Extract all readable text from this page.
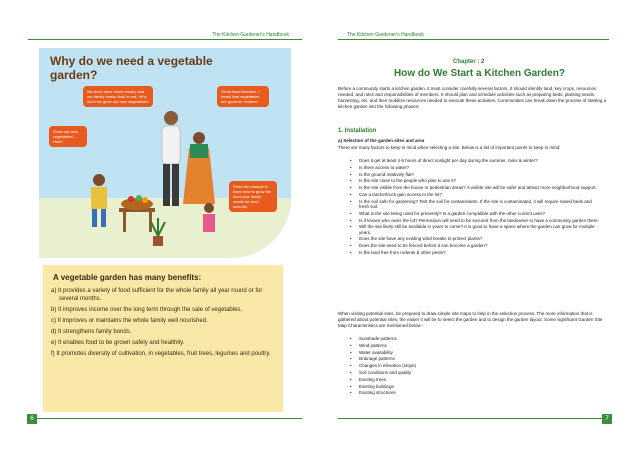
The Kitchen Gardener's Handbook
Why do we need a vegetable garden?
We don't have much money and our family needs food to eat. Why don't we grow our own vegetables!
Great idea! Besides, I heard that vegetables are good for children.
Grow our own vegetables!... How?
Read the manual to learn how to grow the food your family needs for food security.
A vegetable garden has many benefits:
a) It provides a variety of food sufficient for the whole family all year round or for several months.
b) It improves income over the long term through the sale of vegetables.
c) It improves or maintains the whole family well nourished.
d) It strengthens family bonds.
e) It enables food to be grown safely and healthily.
f) It promotes diversity of cultivation, in vegetables, fruit trees, legumes and poultry.
6
The Kitchen Gardener's Handbook
Chapter : 2
How do We Start a Kitchen Garden?

Before a community starts a kitchen garden, it must consider carefully several factors. It should identify land, key crops, resources needed, and roles and responsibilities of members. It should plan and schedule activities such as preparing beds, planting seeds, harvesting, etc. and then mobilize resources needed to execute these activities. Communities can break down the process of starting a kitchen garden into the following phases:

1. Installation
a) Selection of the garden sites and area

There are many factors to keep in mind when selecting a site. Below is a list of important points to keep in mind:

• Does it get at least 4-5 hours of direct sunlight per day during the summer, rains & winter?
• Is there access to water?
• Is the ground relatively flat?
• Is the site close to the people who plan to use it?
• Is the site visible from the house or pedestrian areas? A visible site will be safer and attract more neighborhood support.
• Can a tractor/truck gain access to the lot?
• Is the soil safe for gardening? Test the soil for contaminants. If the site is contaminated, it will require raised beds and fresh soil.
• What is the site being used for presently? Is a garden compatible with the other current uses?
• Is it known who owns the lot? Permission will need to be secured from the landowner to have a community garden there.
• Will the site likely still be available in years to come? It is good to have a space where the garden can grow for multiple years.
• Does the site have any existing wind breaks to protect plants?
• Does the site need to be fenced before it can become a garden?
• Is the land free from rodents & other pests?

When visiting potential sites, be prepared to draw simple site maps to help in the selection process. The more information that is gathered about potential sites, the easier it will be to select the garden and to design the garden layout. Some significant Garden Site Map Characteristics are mentioned below -

• Sunshade patterns
• Wind patterns
• Water availability
• Drainage patterns
• Changes in elevation (slope)
• Soil conditions and quality
• Existing trees
• Existing buildings
• Existing structures
7
